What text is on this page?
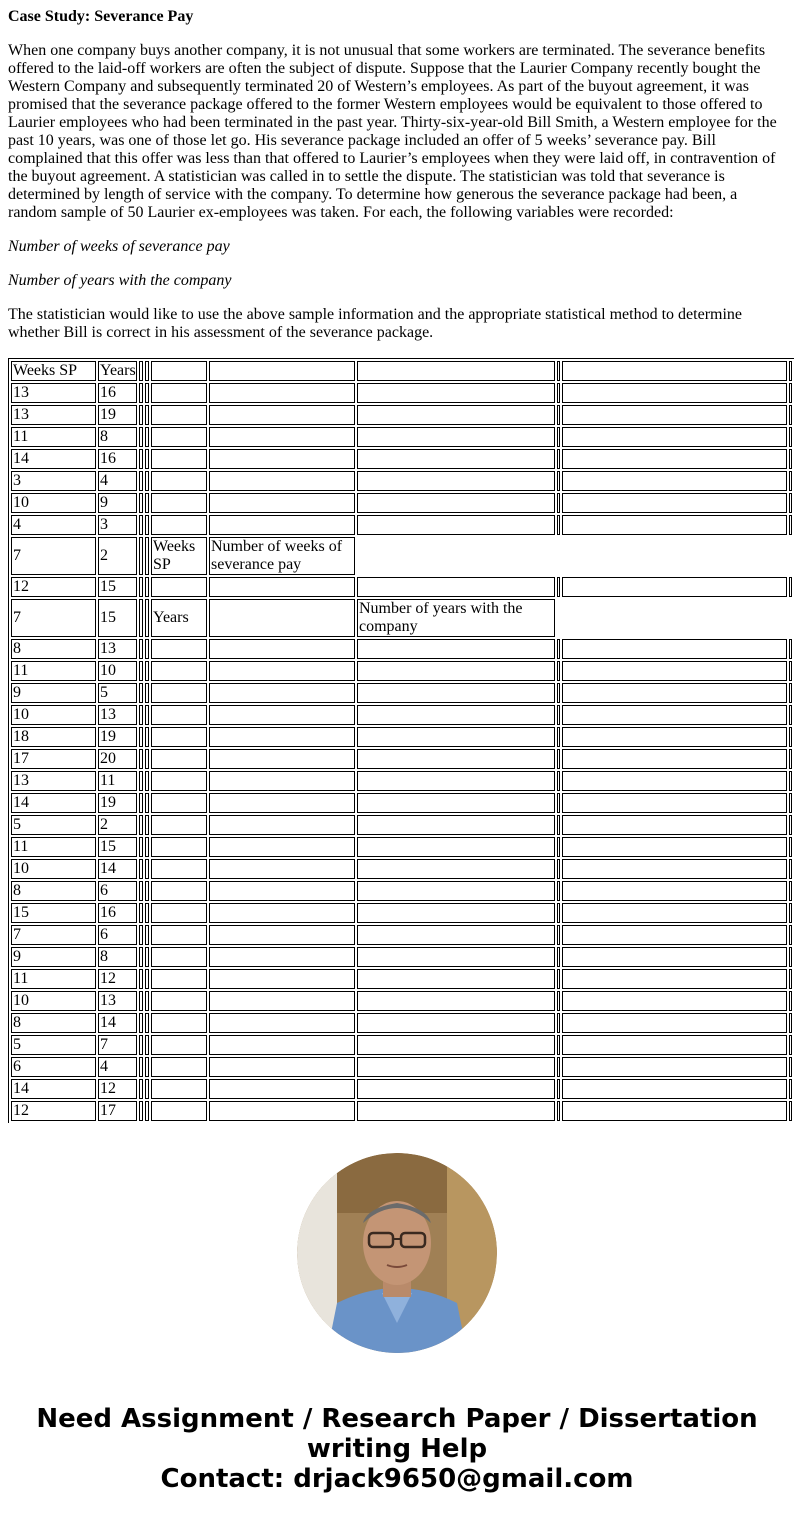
Case Study: Severance Pay

When one company buys another company, it is not unusual that some workers are terminated. The severance benefits offered to the laid-off workers are often the subject of dispute. Suppose that the Laurier Company recently bought the Western Company and subsequently terminated 20 of Western’s employees. As part of the buyout agreement, it was promised that the severance package offered to the former Western employees would be equivalent to those offered to Laurier employees who had been terminated in the past year. Thirty-six-year-old Bill Smith, a Western employee for the past 10 years, was one of those let go. His severance package included an offer of 5 weeks’ severance pay. Bill complained that this offer was less than that offered to Laurier’s employees when they were laid off, in contravention of the buyout agreement. A statistician was called in to settle the dispute. The statistician was told that severance is determined by length of service with the company. To determine how generous the severance package had been, a random sample of 50 Laurier ex-employees was taken. For each, the following variables were recorded:

Number of weeks of severance pay

Number of years with the company

The statistician would like to use the above sample information and the appropriate statistical method to determine whether Bill is correct in his assessment of the severance package.

Weeks SP	Years								
13	16								
13	19								
11	8								
14	16								
3	4								
10	9								
4	3								
7	2			Weeks SP	Number of weeks of severance pay				
12	15								
7	15			Years		Number of years with the company			
8	13								
11	10								
9	5								
10	13								
18	19								
17	20								
13	11								
14	19								
5	2								
11	15								
10	14								
8	6								
15	16								
7	6								
9	8								
11	12								
10	13								
8	14								
5	7								
6	4								
14	12								
12	17								
Need Assignment / Research Paper / Dissertation
writing Help
Contact: drjack9650@gmail.com
